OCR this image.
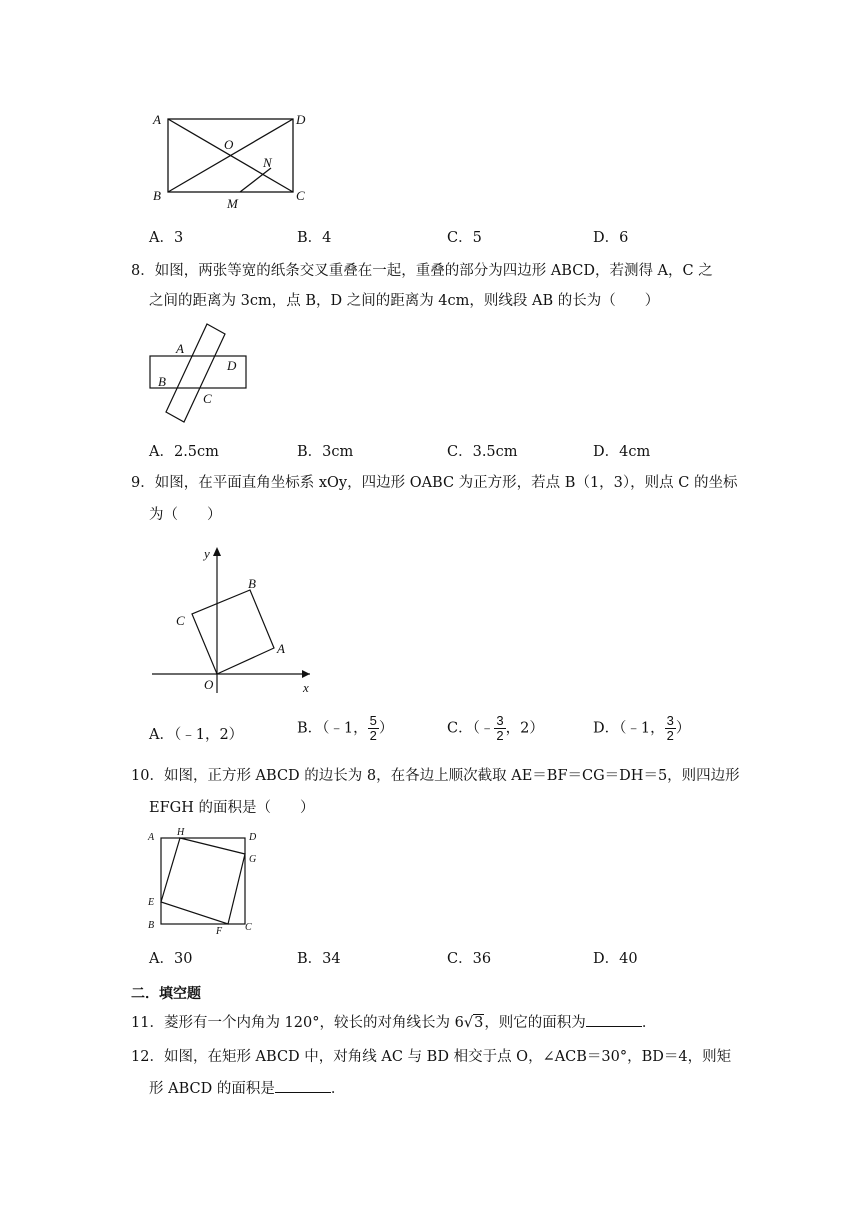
A	D
O
N
B	C
M
A．3	B．4	C．5	D．6
8．如图，两张等宽的纸条交叉重叠在一起，重叠的部分为四边形 ABCD，若测得 A，C 之
之间的距离为 3cm，点 B，D 之间的距离为 4cm，则线段 AB 的长为（　　）
A
D
B
C
A．2.5cm	B．3cm	C．3.5cm	D．4cm
9．如图，在平面直角坐标系 xOy，四边形 OABC 为正方形，若点 B（1，3），则点 C 的坐标
为（　　）
y
x
O
A
B
C
A．（﹣1，2）	B．（﹣1， $\frac{5}{2}$ ）	C．（﹣ $\frac{3}{2}$ ，2）	D．（﹣1， $\frac{3}{2}$ ）
10．如图，正方形 ABCD 的边长为 8，在各边上顺次截取 AE＝BF＝CG＝DH＝5，则四边形
EFGH 的面积是（　　）
A H	D
G
E
B
F C
A．30	B．34	C．36	D．40
二．填空题
11．菱形有一个内角为 120°，较长的对角线长为 6√3，则它的面积为	．
12．如图，在矩形 ABCD 中，对角线 AC 与 BD 相交于点 O，∠ACB＝30°，BD＝4，则矩
形 ABCD 的面积是	．
